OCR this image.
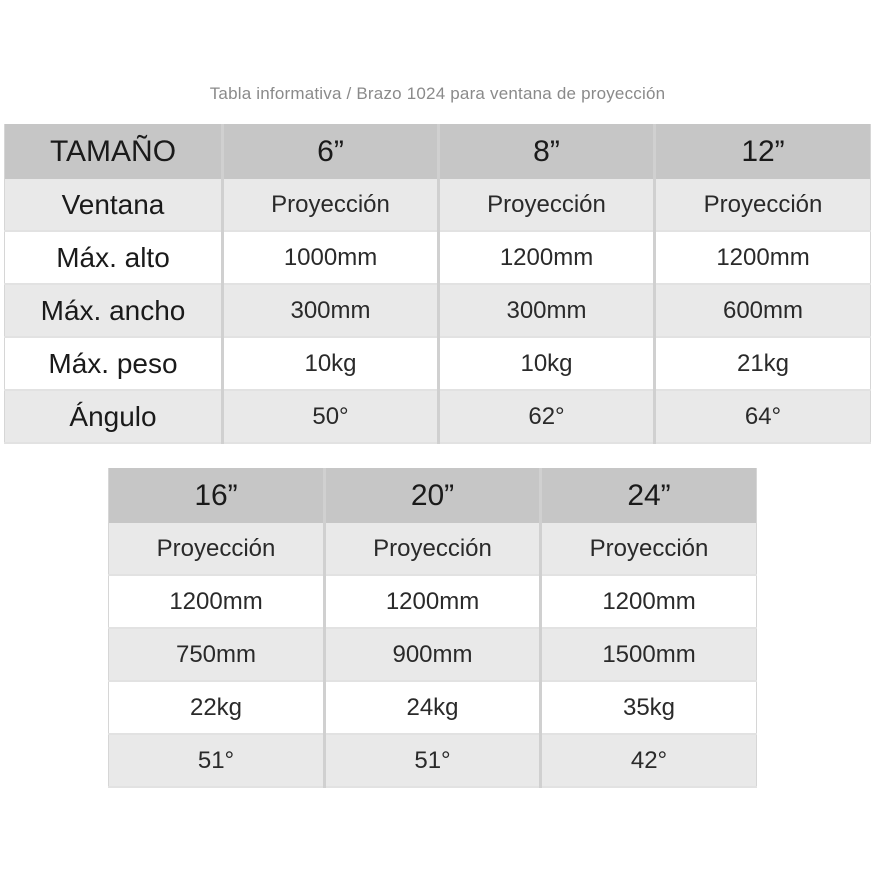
Tabla informativa / Brazo 1024 para ventana de proyección
TAMAÑO	6”	8”	12”
Ventana	Proyección	Proyección	Proyección
Máx. alto	1000mm	1200mm	1200mm
Máx. ancho	300mm	300mm	600mm
Máx. peso	10kg	10kg	21kg
Ángulo	50°	62°	64°
16”	20”	24”
Proyección	Proyección	Proyección
1200mm	1200mm	1200mm
750mm	900mm	1500mm
22kg	24kg	35kg
51°	51°	42°
